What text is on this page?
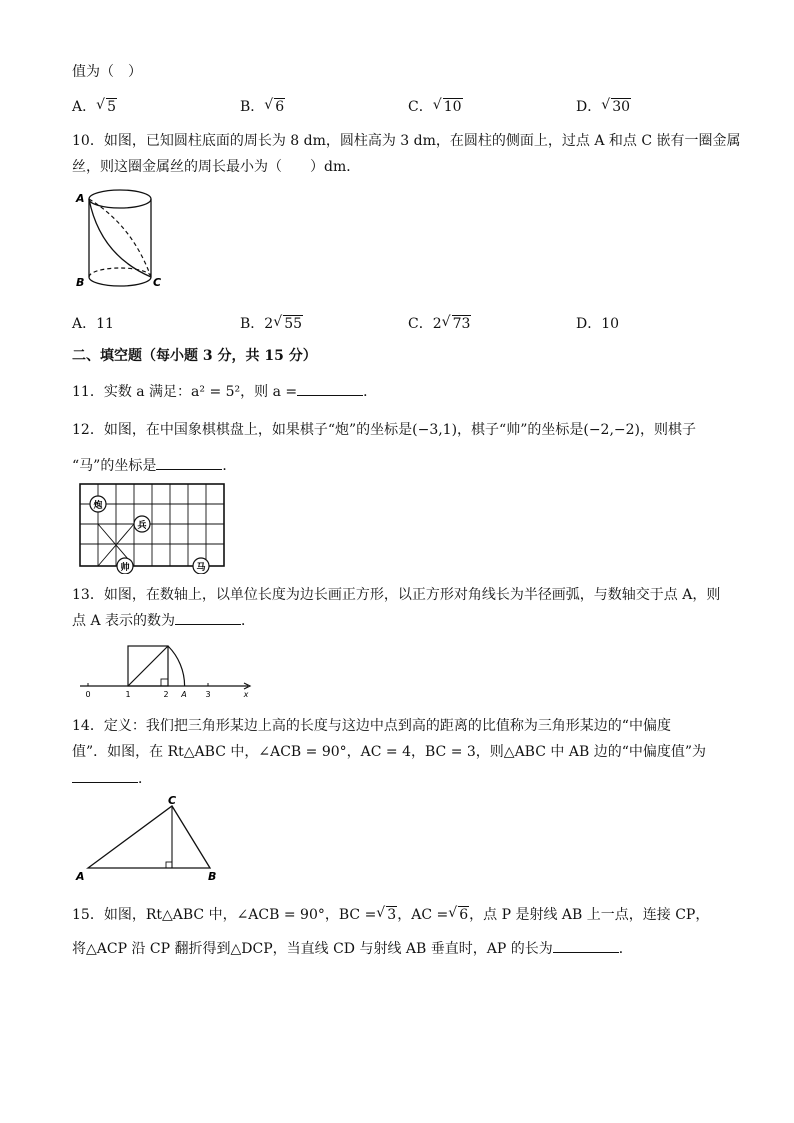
值为（　）
A． √ 5	B． √ 6	C． √ 10	D． √ 30
10．如图，已知圆柱底面的周长为 8 dm，圆柱高为 3 dm，在圆柱的侧面上，过点 A 和点 C 嵌有一圈金属
丝，则这圈金属丝的周长最小为（　　）dm．
A
B	C
A．11	B．2 √ 55	C．2 √ 73	D．10
二、填空题（每小题 3 分，共 15 分）
11．实数 a 满足：a² = 5²，则 a =	．
12．如图，在中国象棋棋盘上，如果棋子“炮”的坐标是(−3,1)，棋子“帅”的坐标是(−2,−2)，则棋子
“马”的坐标是	．
炮
兵
帅	马
13．如图，在数轴上，以单位长度为边长画正方形，以正方形对角线长为半径画弧，与数轴交于点 A，则
点 A 表示的数为	．
0	1	2 A 3	x
14．定义：我们把三角形某边上高的长度与这边中点到高的距离的比值称为三角形某边的“中偏度
值”．如图，在 Rt△ABC 中，∠ACB = 90°，AC = 4，BC = 3，则△ABC 中 AB 边的“中偏度值”为
．
A
C
B
15．如图，Rt△ABC 中，∠ACB = 90°，BC = √ 3，AC = √ 6，点 P 是射线 AB 上一点，连接 CP，
将△ACP 沿 CP 翻折得到△DCP，当直线 CD 与射线 AB 垂直时，AP 的长为	．
